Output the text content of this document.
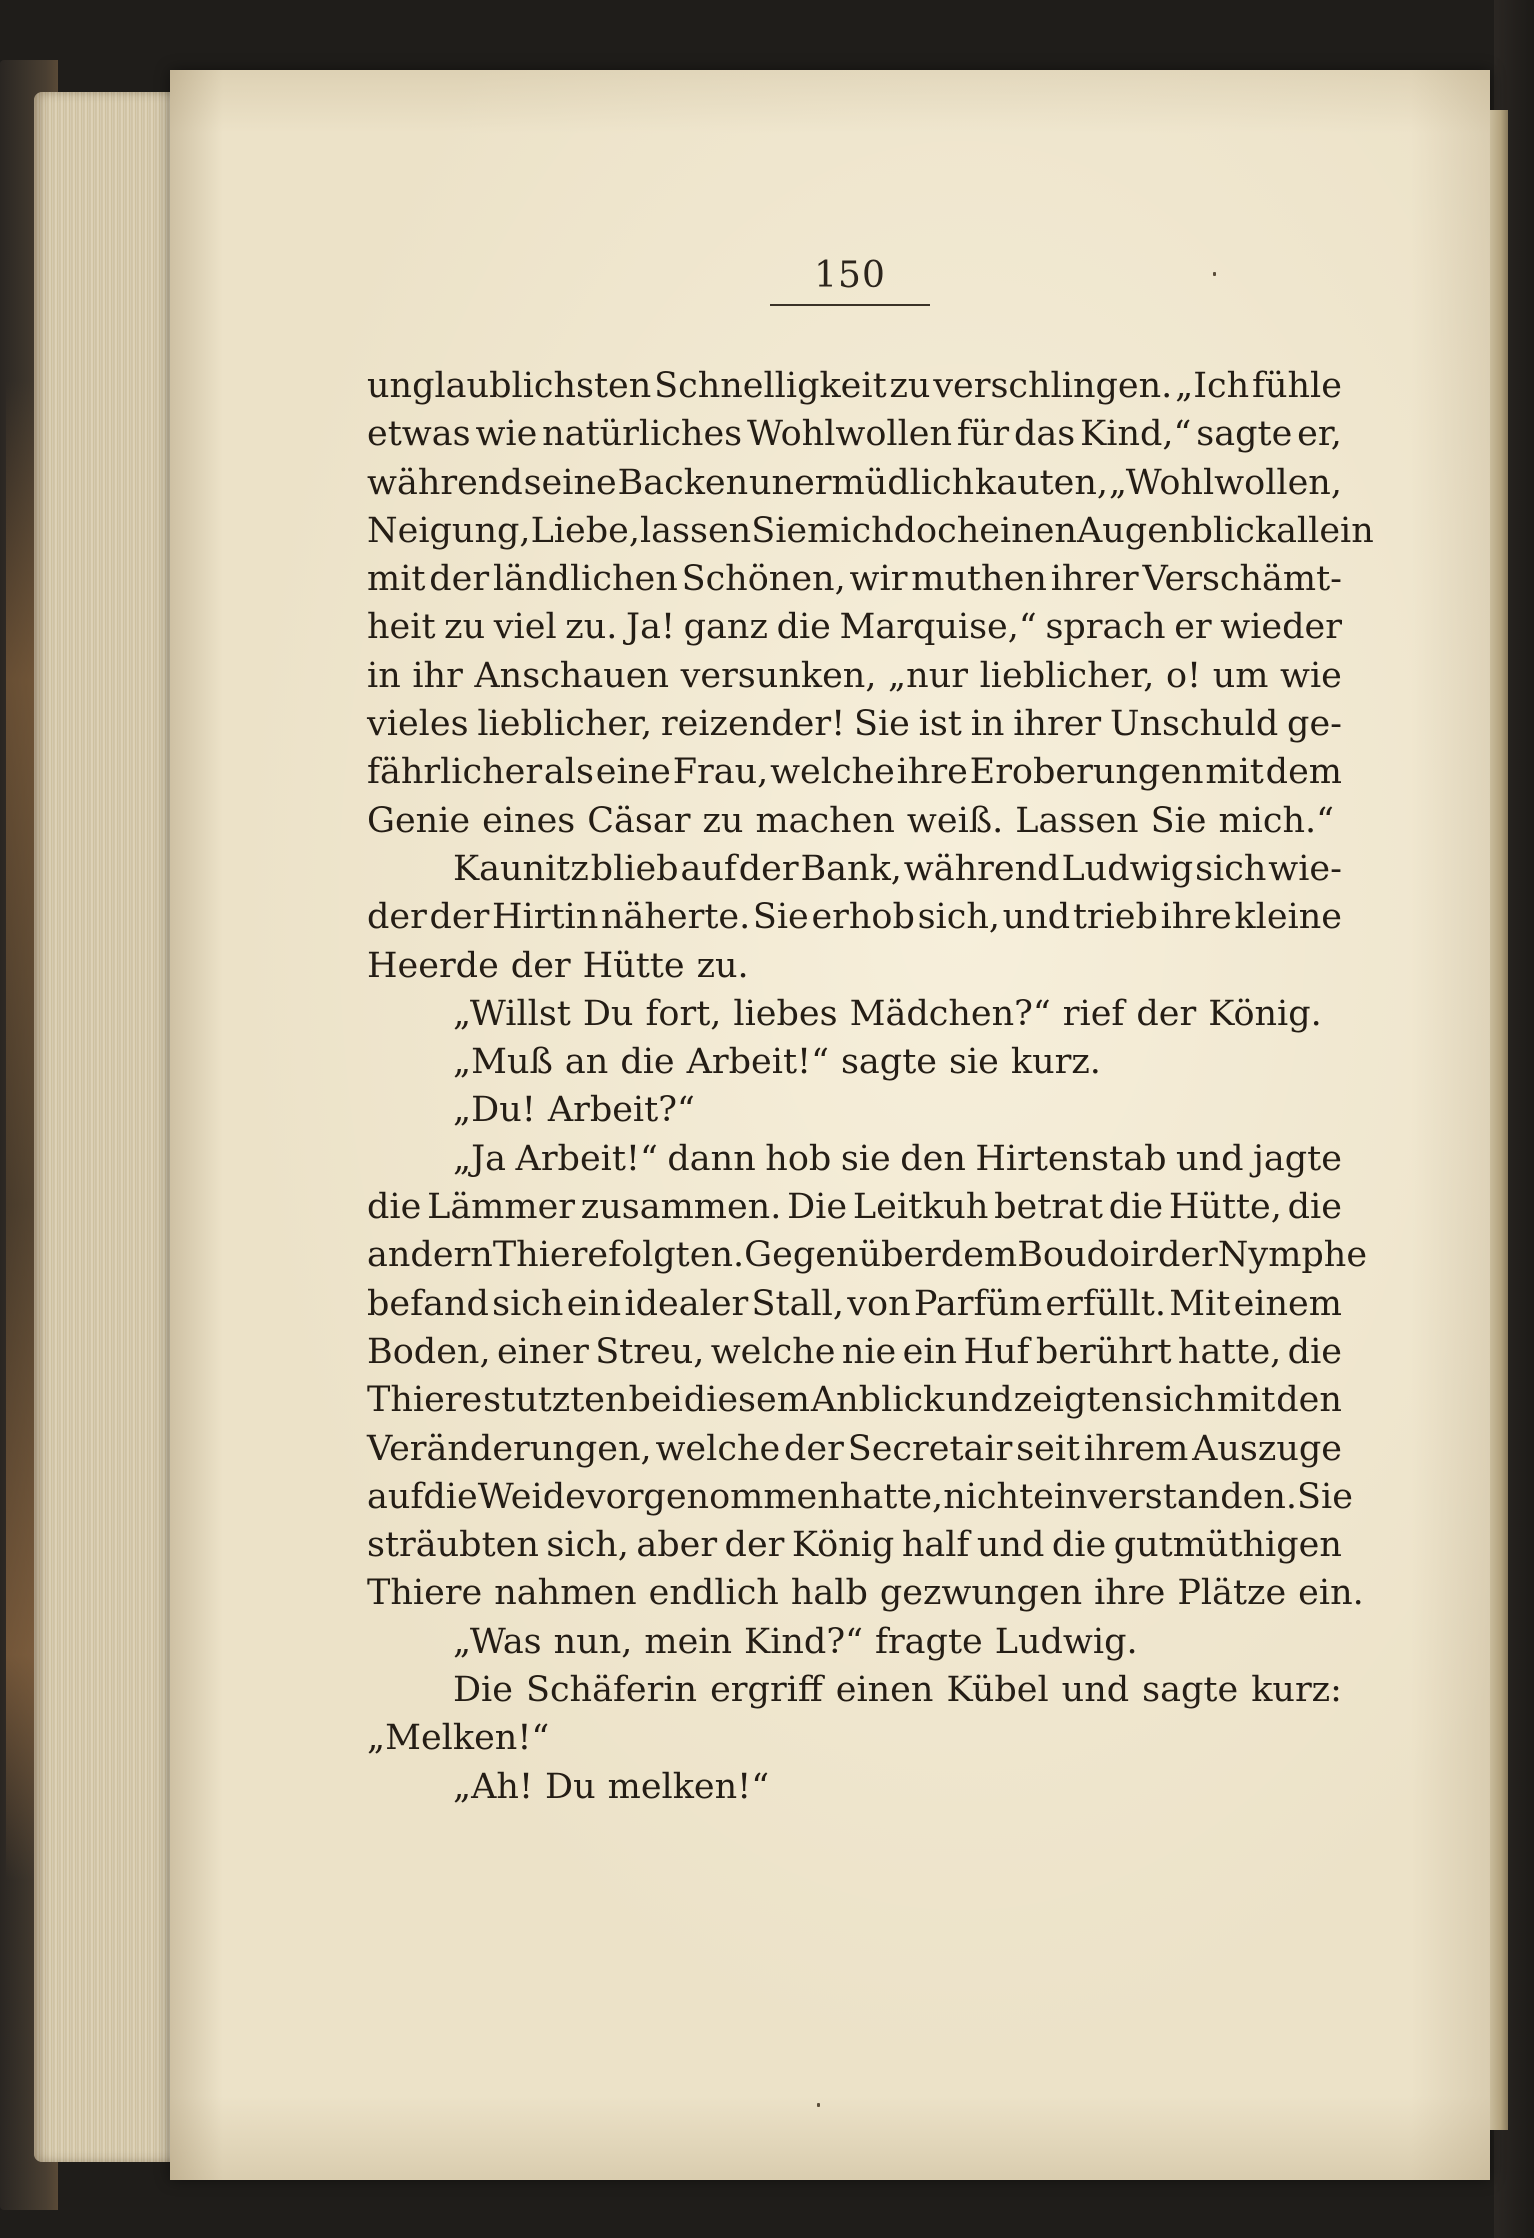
150
unglaublichsten Schnelligkeit zu verschlingen. „Ich fühle
etwas wie natürliches Wohlwollen für das Kind,“ sagte er,
während seine Backen unermüdlich kauten, „Wohlwollen,
Neigung, Liebe, lassen Sie mich doch einen Augenblick allein
mit der ländlichen Schönen, wir muthen ihrer Verschämt-
heit zu viel zu. Ja! ganz die Marquise,“ sprach er wieder
in ihr Anschauen versunken, „nur lieblicher, o! um wie
vieles lieblicher, reizender! Sie ist in ihrer Unschuld ge-
fährlicher als eine Frau, welche ihre Eroberungen mit dem
Genie eines Cäsar zu machen weiß. Lassen Sie mich.“
Kaunitz blieb auf der Bank, während Ludwig sich wie-
der der Hirtin näherte. Sie erhob sich, und trieb ihre kleine
Heerde der Hütte zu.
„Willst Du fort, liebes Mädchen?“ rief der König.
„Muß an die Arbeit!“ sagte sie kurz.
„Du! Arbeit?“
„Ja Arbeit!“ dann hob sie den Hirtenstab und jagte
die Lämmer zusammen. Die Leitkuh betrat die Hütte, die
andern Thiere folgten. Gegenüber dem Boudoir der Nymphe
befand sich ein idealer Stall, von Parfüm erfüllt. Mit einem
Boden, einer Streu, welche nie ein Huf berührt hatte, die
Thiere stutzten bei diesem Anblick und zeigten sich mit den
Veränderungen, welche der Secretair seit ihrem Auszuge
auf die Weide vorgenommen hatte, nicht einverstanden. Sie
sträubten sich, aber der König half und die gutmüthigen
Thiere nahmen endlich halb gezwungen ihre Plätze ein.
„Was nun, mein Kind?“ fragte Ludwig.
Die Schäferin ergriff einen Kübel und sagte kurz:
„Melken!“
„Ah! Du melken!“
